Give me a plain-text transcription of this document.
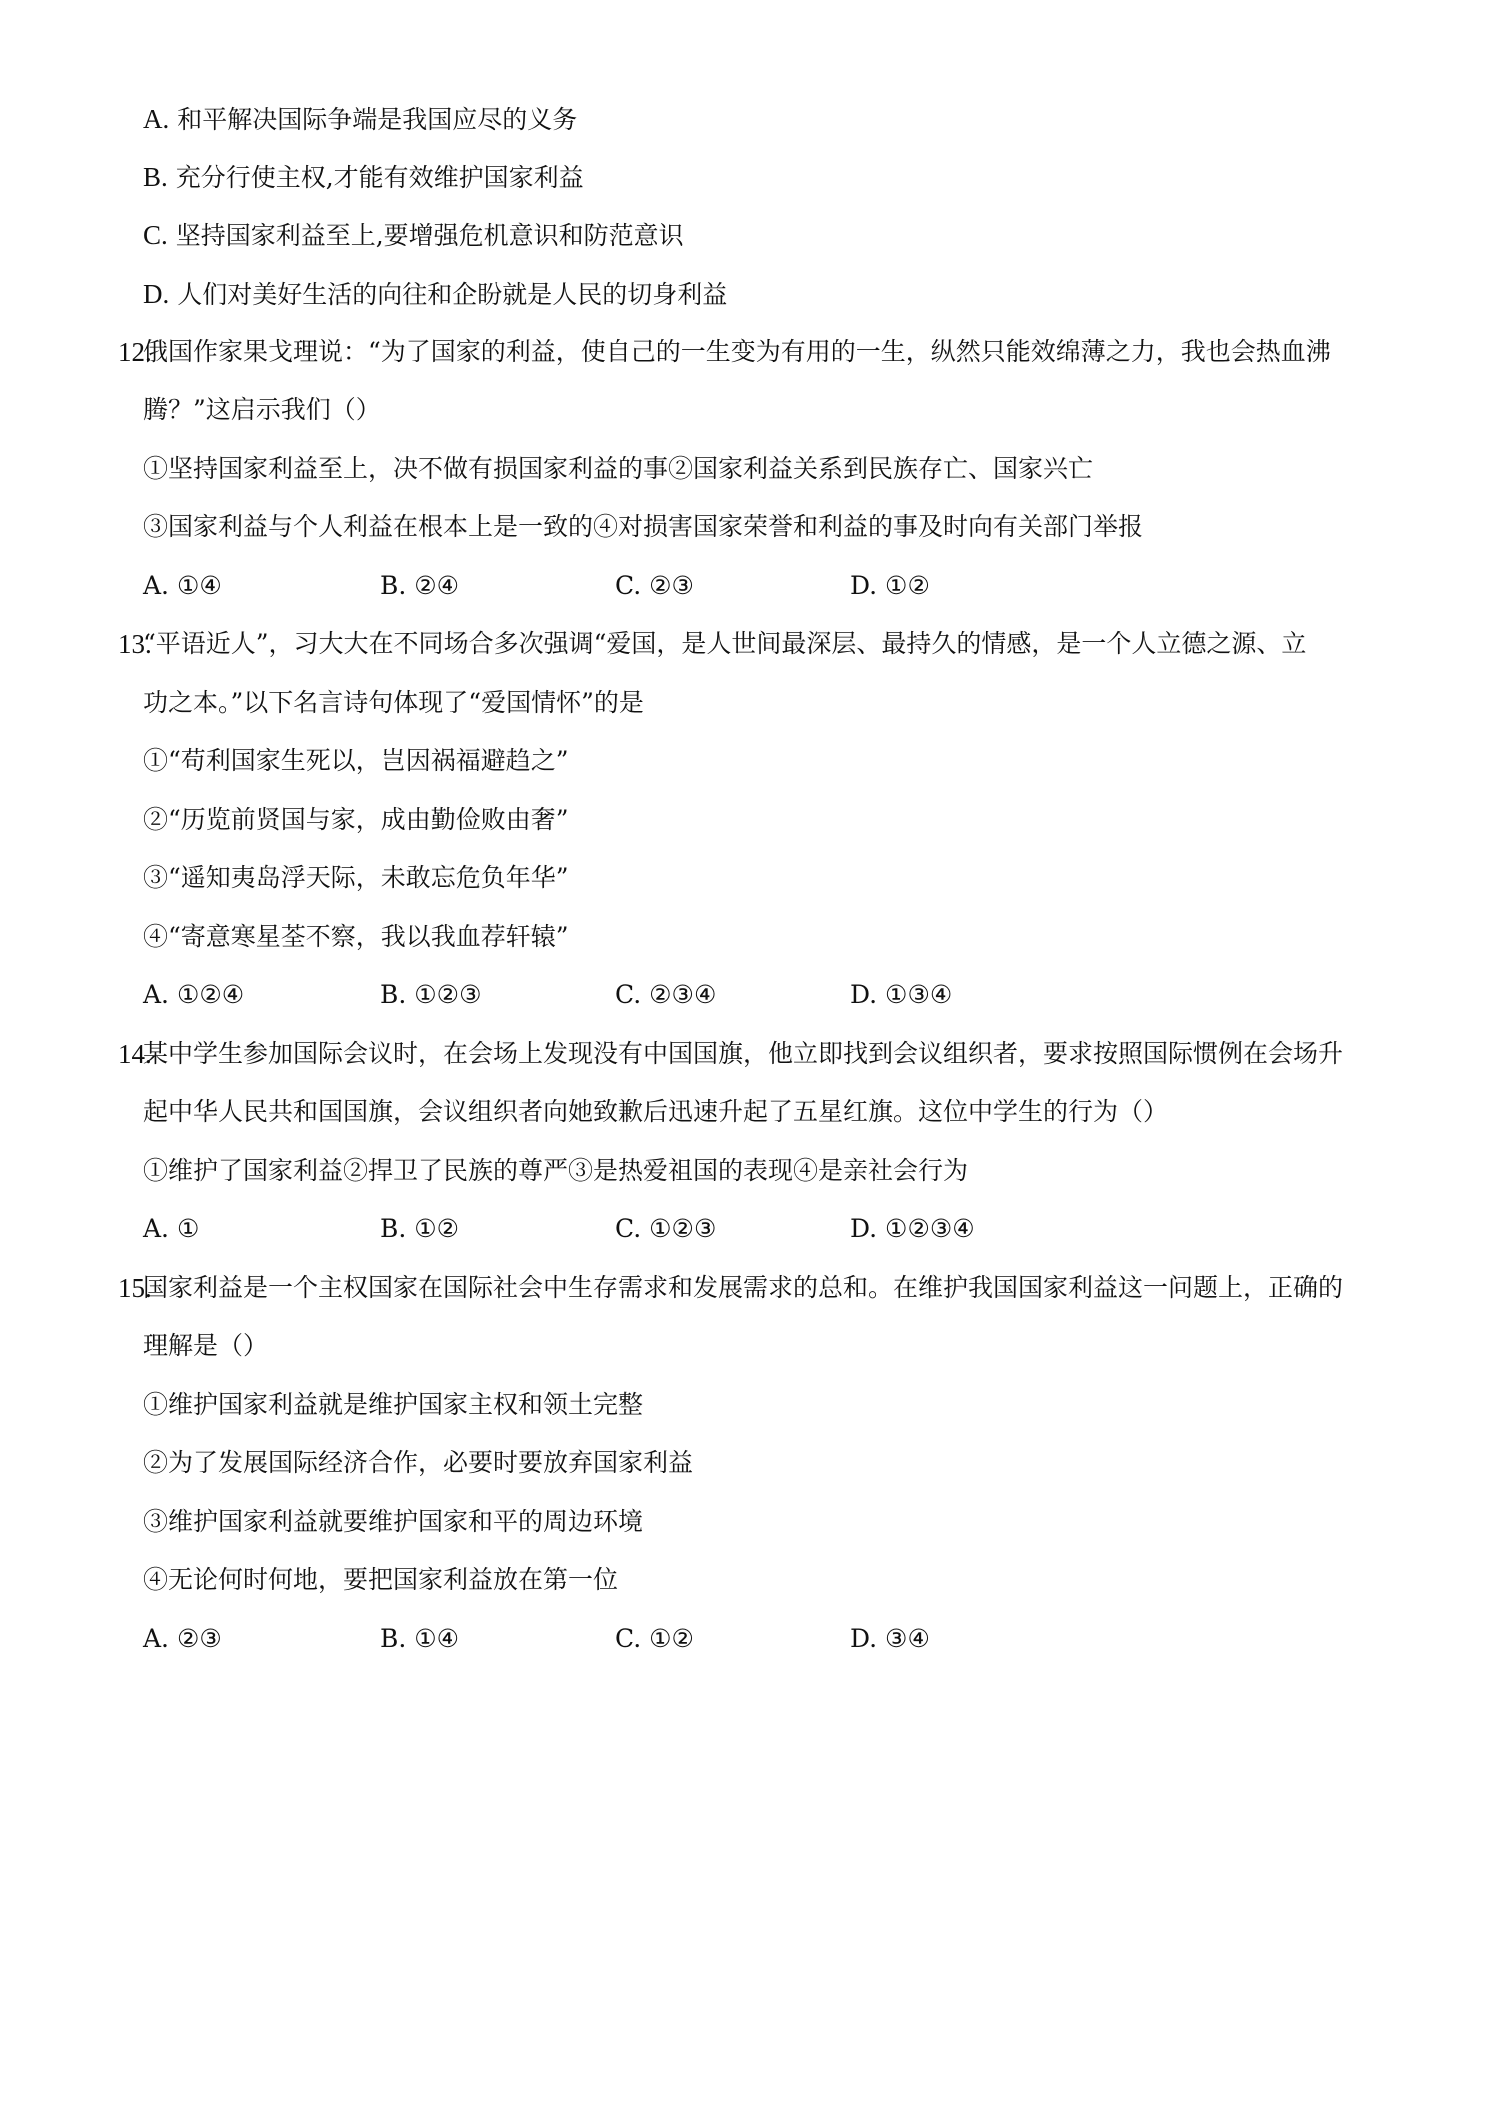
A. 和平解决国际争端是我国应尽的义务
B. 充分行使主权,才能有效维护国家利益
C. 坚持国家利益至上,要增强危机意识和防范意识
D. 人们对美好生活的向往和企盼就是人民的切身利益
12.
俄国作家果戈理说：“为了国家的利益，使自己的一生变为有用的一生，纵然只能效绵薄之力，我也会热血沸
腾？”这启示我们（）
①坚持国家利益至上，决不做有损国家利益的事②国家利益关系到民族存亡、国家兴亡
③国家利益与个人利益在根本上是一致的④对损害国家荣誉和利益的事及时向有关部门举报
A. ①④	B. ②④	C. ②③	D. ①②
13.
“平语近人”，习大大在不同场合多次强调“爱国，是人世间最深层、最持久的情感，是一个人立德之源、立
功之本。”以下名言诗句体现了“爱国情怀”的是
①“苟利国家生死以，岂因祸福避趋之”
②“历览前贤国与家，成由勤俭败由奢”
③“遥知夷岛浮天际，未敢忘危负年华”
④“寄意寒星荃不察，我以我血荐轩辕”
A. ①②④	B. ①②③	C. ②③④	D. ①③④
14.
某中学生参加国际会议时，在会场上发现没有中国国旗，他立即找到会议组织者，要求按照国际惯例在会场升
起中华人民共和国国旗，会议组织者向她致歉后迅速升起了五星红旗。这位中学生的行为（）
①维护了国家利益②捍卫了民族的尊严③是热爱祖国的表现④是亲社会行为
A. ①	B. ①②	C. ①②③	D. ①②③④
15.
国家利益是一个主权国家在国际社会中生存需求和发展需求的总和。在维护我国国家利益这一问题上，正确的
理解是（）
①维护国家利益就是维护国家主权和领土完整
②为了发展国际经济合作，必要时要放弃国家利益
③维护国家利益就要维护国家和平的周边环境
④无论何时何地，要把国家利益放在第一位
A. ②③	B. ①④	C. ①②	D. ③④
